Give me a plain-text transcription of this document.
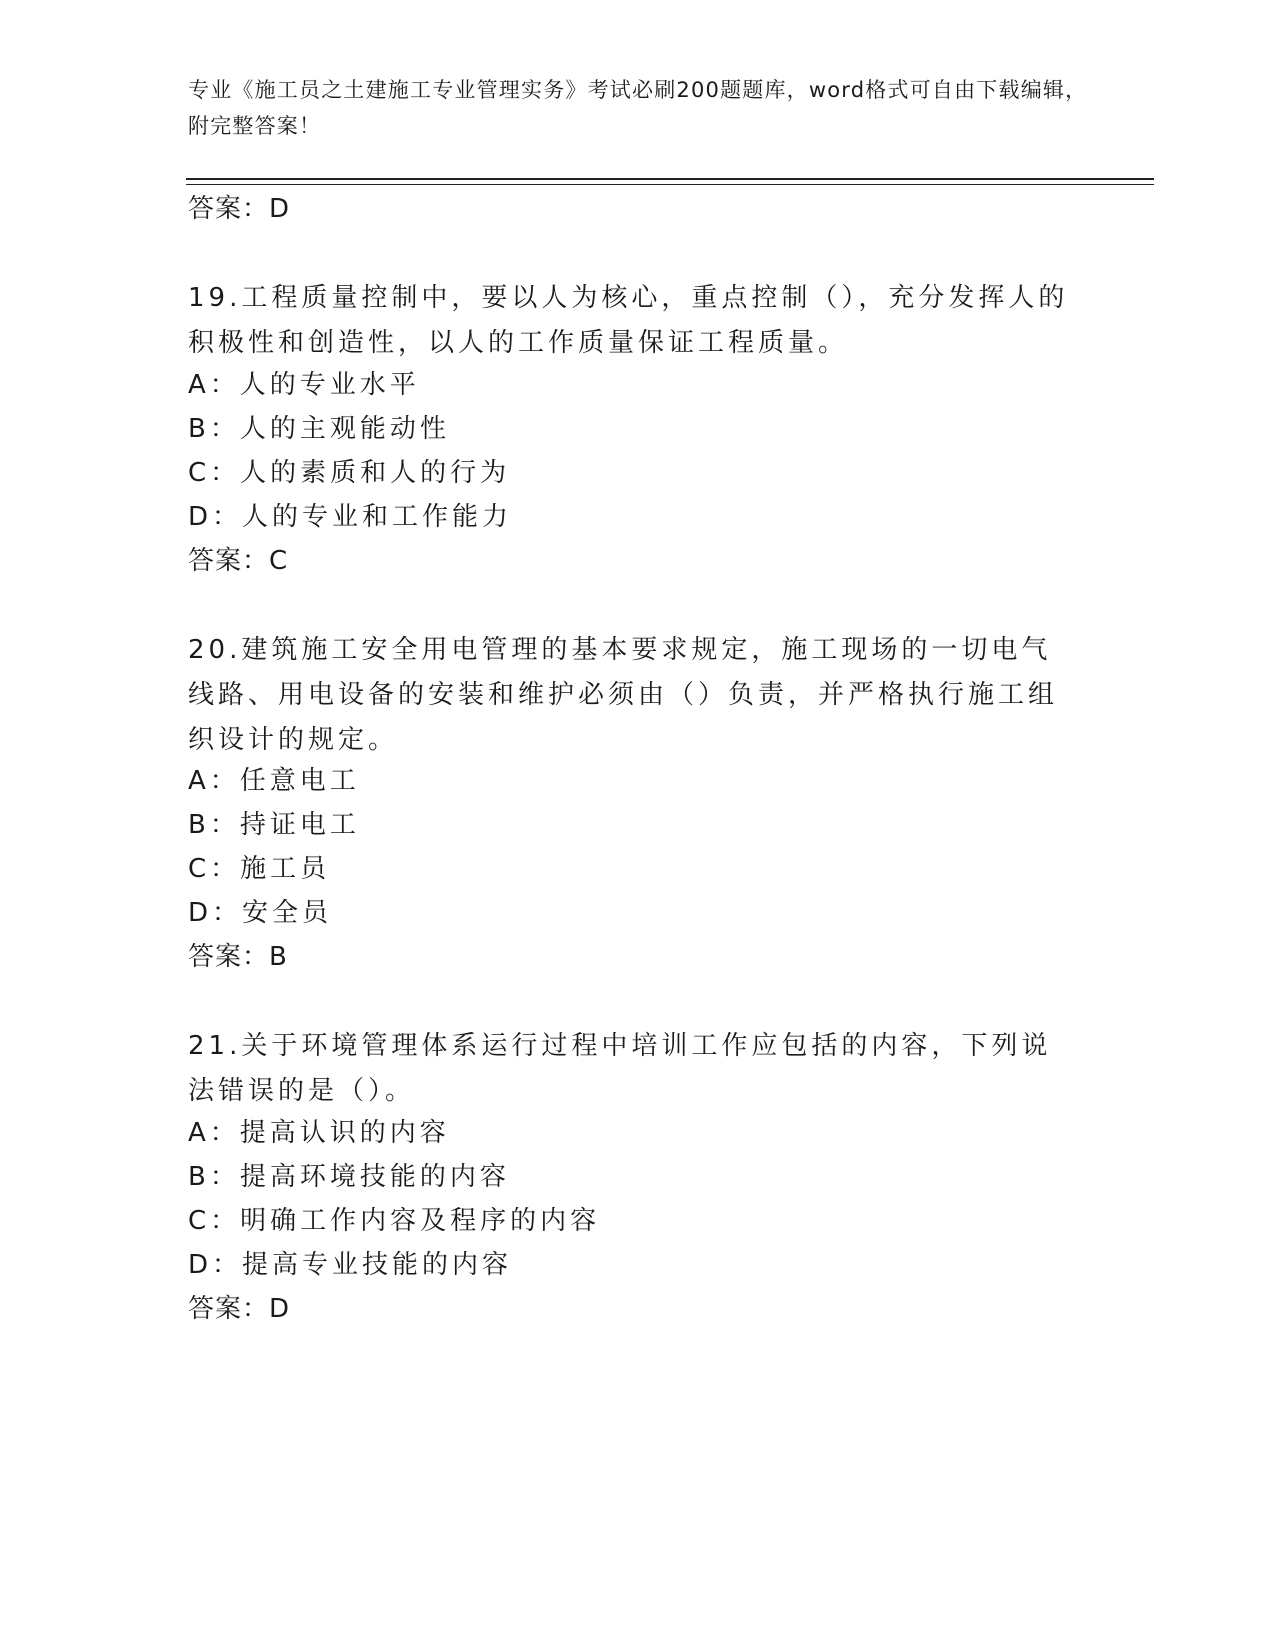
专业《施工员之土建施工专业管理实务》考试必刷200题题库，word格式可自由下载编辑，附完整答案！
答案：D
19.工程质量控制中，要以人为核心，重点控制（），充分发挥人的积极性和创造性，以人的工作质量保证工程质量。
A：人的专业水平
B：人的主观能动性
C：人的素质和人的行为
D：人的专业和工作能力
答案：C
20.建筑施工安全用电管理的基本要求规定，施工现场的一切电气线路、用电设备的安装和维护必须由（）负责，并严格执行施工组织设计的规定。
A：任意电工
B：持证电工
C：施工员
D：安全员
答案：B
21.关于环境管理体系运行过程中培训工作应包括的内容，下列说法错误的是（）。
A：提高认识的内容
B：提高环境技能的内容
C：明确工作内容及程序的内容
D：提高专业技能的内容
答案：D
